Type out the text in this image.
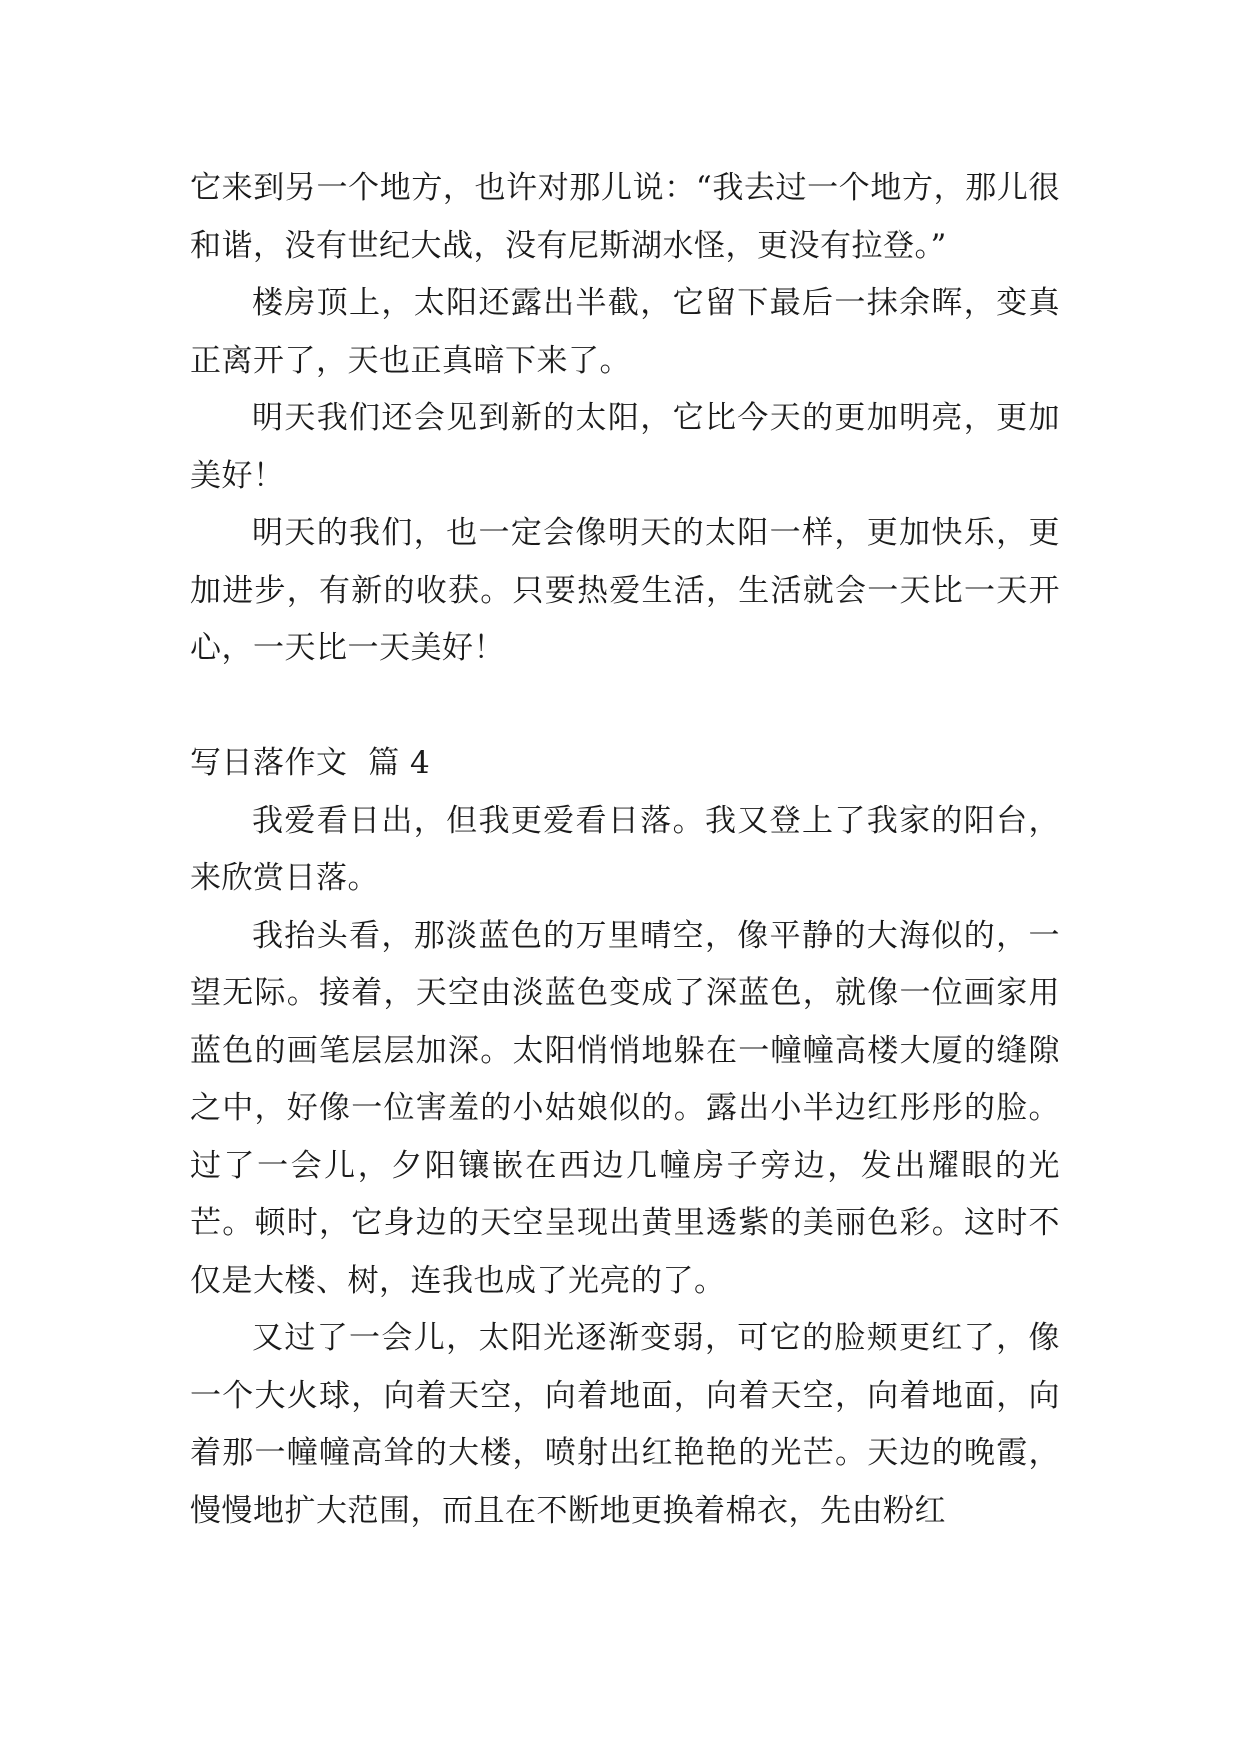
它来到另一个地方，也许对那儿说：“我去过一个地方，那儿很和谐，没有世纪大战，没有尼斯湖水怪，更没有拉登。”

楼房顶上，太阳还露出半截，它留下最后一抹余晖，变真正离开了，天也正真暗下来了。

明天我们还会见到新的太阳，它比今天的更加明亮，更加美好！

明天的我们，也一定会像明天的太阳一样，更加快乐，更加进步，有新的收获。只要热爱生活，生活就会一天比一天开心，一天比一天美好！

写日落作文  篇 4

我爱看日出，但我更爱看日落。我又登上了我家的阳台，来欣赏日落。

我抬头看，那淡蓝色的万里晴空，像平静的大海似的，一望无际。接着，天空由淡蓝色变成了深蓝色，就像一位画家用蓝色的画笔层层加深。太阳悄悄地躲在一幢幢高楼大厦的缝隙之中，好像一位害羞的小姑娘似的。露出小半边红彤彤的脸。过了一会儿，夕阳镶嵌在西边几幢房子旁边，发出耀眼的光芒。顿时，它身边的天空呈现出黄里透紫的美丽色彩。这时不仅是大楼、树，连我也成了光亮的了。

又过了一会儿，太阳光逐渐变弱，可它的脸颊更红了，像一个大火球，向着天空，向着地面，向着天空，向着地面，向着那一幢幢高耸的大楼，喷射出红艳艳的光芒。天边的晚霞，慢慢地扩大范围，而且在不断地更换着棉衣，先由粉红
